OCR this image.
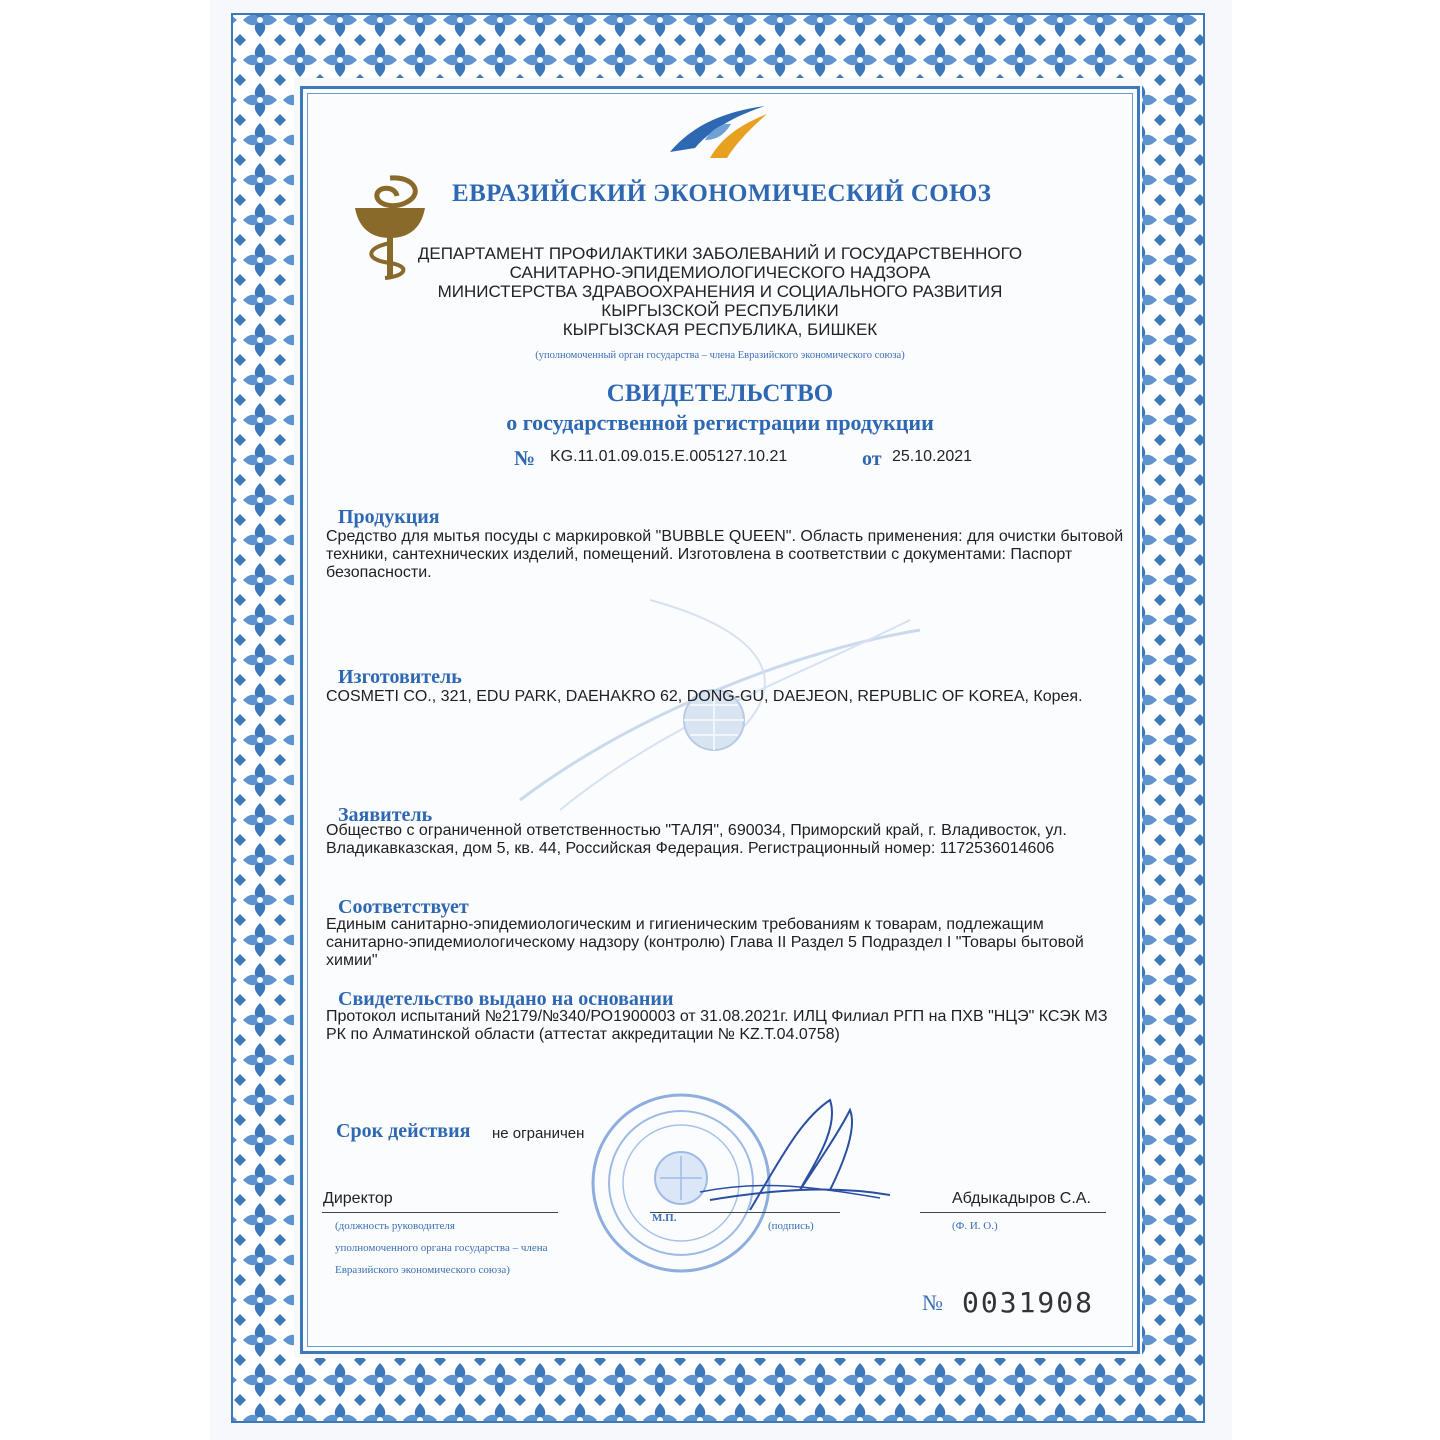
ЕВРАЗИЙСКИЙ ЭКОНОМИЧЕСКИЙ СОЮЗ
ДЕПАРТАМЕНТ ПРОФИЛАКТИКИ ЗАБОЛЕВАНИЙ И ГОСУДАРСТВЕННОГО
САНИТАРНО-ЭПИДЕМИОЛОГИЧЕСКОГО НАДЗОРА
МИНИСТЕРСТВА ЗДРАВООХРАНЕНИЯ И СОЦИАЛЬНОГО РАЗВИТИЯ
КЫРГЫЗСКОЙ РЕСПУБЛИКИ
КЫРГЫЗСКАЯ РЕСПУБЛИКА, БИШКЕК
(уполномоченный орган государства – члена Евразийского экономического союза)
СВИДЕТЕЛЬСТВО
о государственной регистрации продукции
№ KG.11.01.09.015.E.005127.10.21	от 25.10.2021
Продукция
Средство для мытья посуды с маркировкой "BUBBLE QUEEN". Область применения: для очистки бытовой техники, сантехнических изделий, помещений. Изготовлена в соответствии с документами: Паспорт безопасности.
Изготовитель
COSMETI CO., 321, EDU PARK, DAEHAKRO 62, DONG-GU, DAEJEON, REPUBLIC OF KOREA, Корея.
Заявитель
Общество с ограниченной ответственностью "ТАЛЯ", 690034, Приморский край, г. Владивосток, ул. Владикавказская, дом 5, кв. 44, Российская Федерация. Регистрационный номер: 1172536014606
Соответствует
Единым санитарно-эпидемиологическим и гигиеническим требованиям к товарам, подлежащим санитарно-эпидемиологическому надзору (контролю) Глава II Раздел 5 Подраздел I "Товары бытовой химии"
Свидетельство выдано на основании
Протокол испытаний №2179/№340/РО1900003 от 31.08.2021г. ИЛЦ Филиал РГП на ПХВ "НЦЭ" КСЭК МЗ РК по Алматинской области (аттестат аккредитации № KZ.T.04.0758)
Срок действия не ограничен
Директор
(должность руководителя
уполномоченного органа государства – члена
Евразийского экономического союза)
М.П.
(подпись)
Абдыкадыров С.А.
(Ф. И. О.)
№ 0031908
